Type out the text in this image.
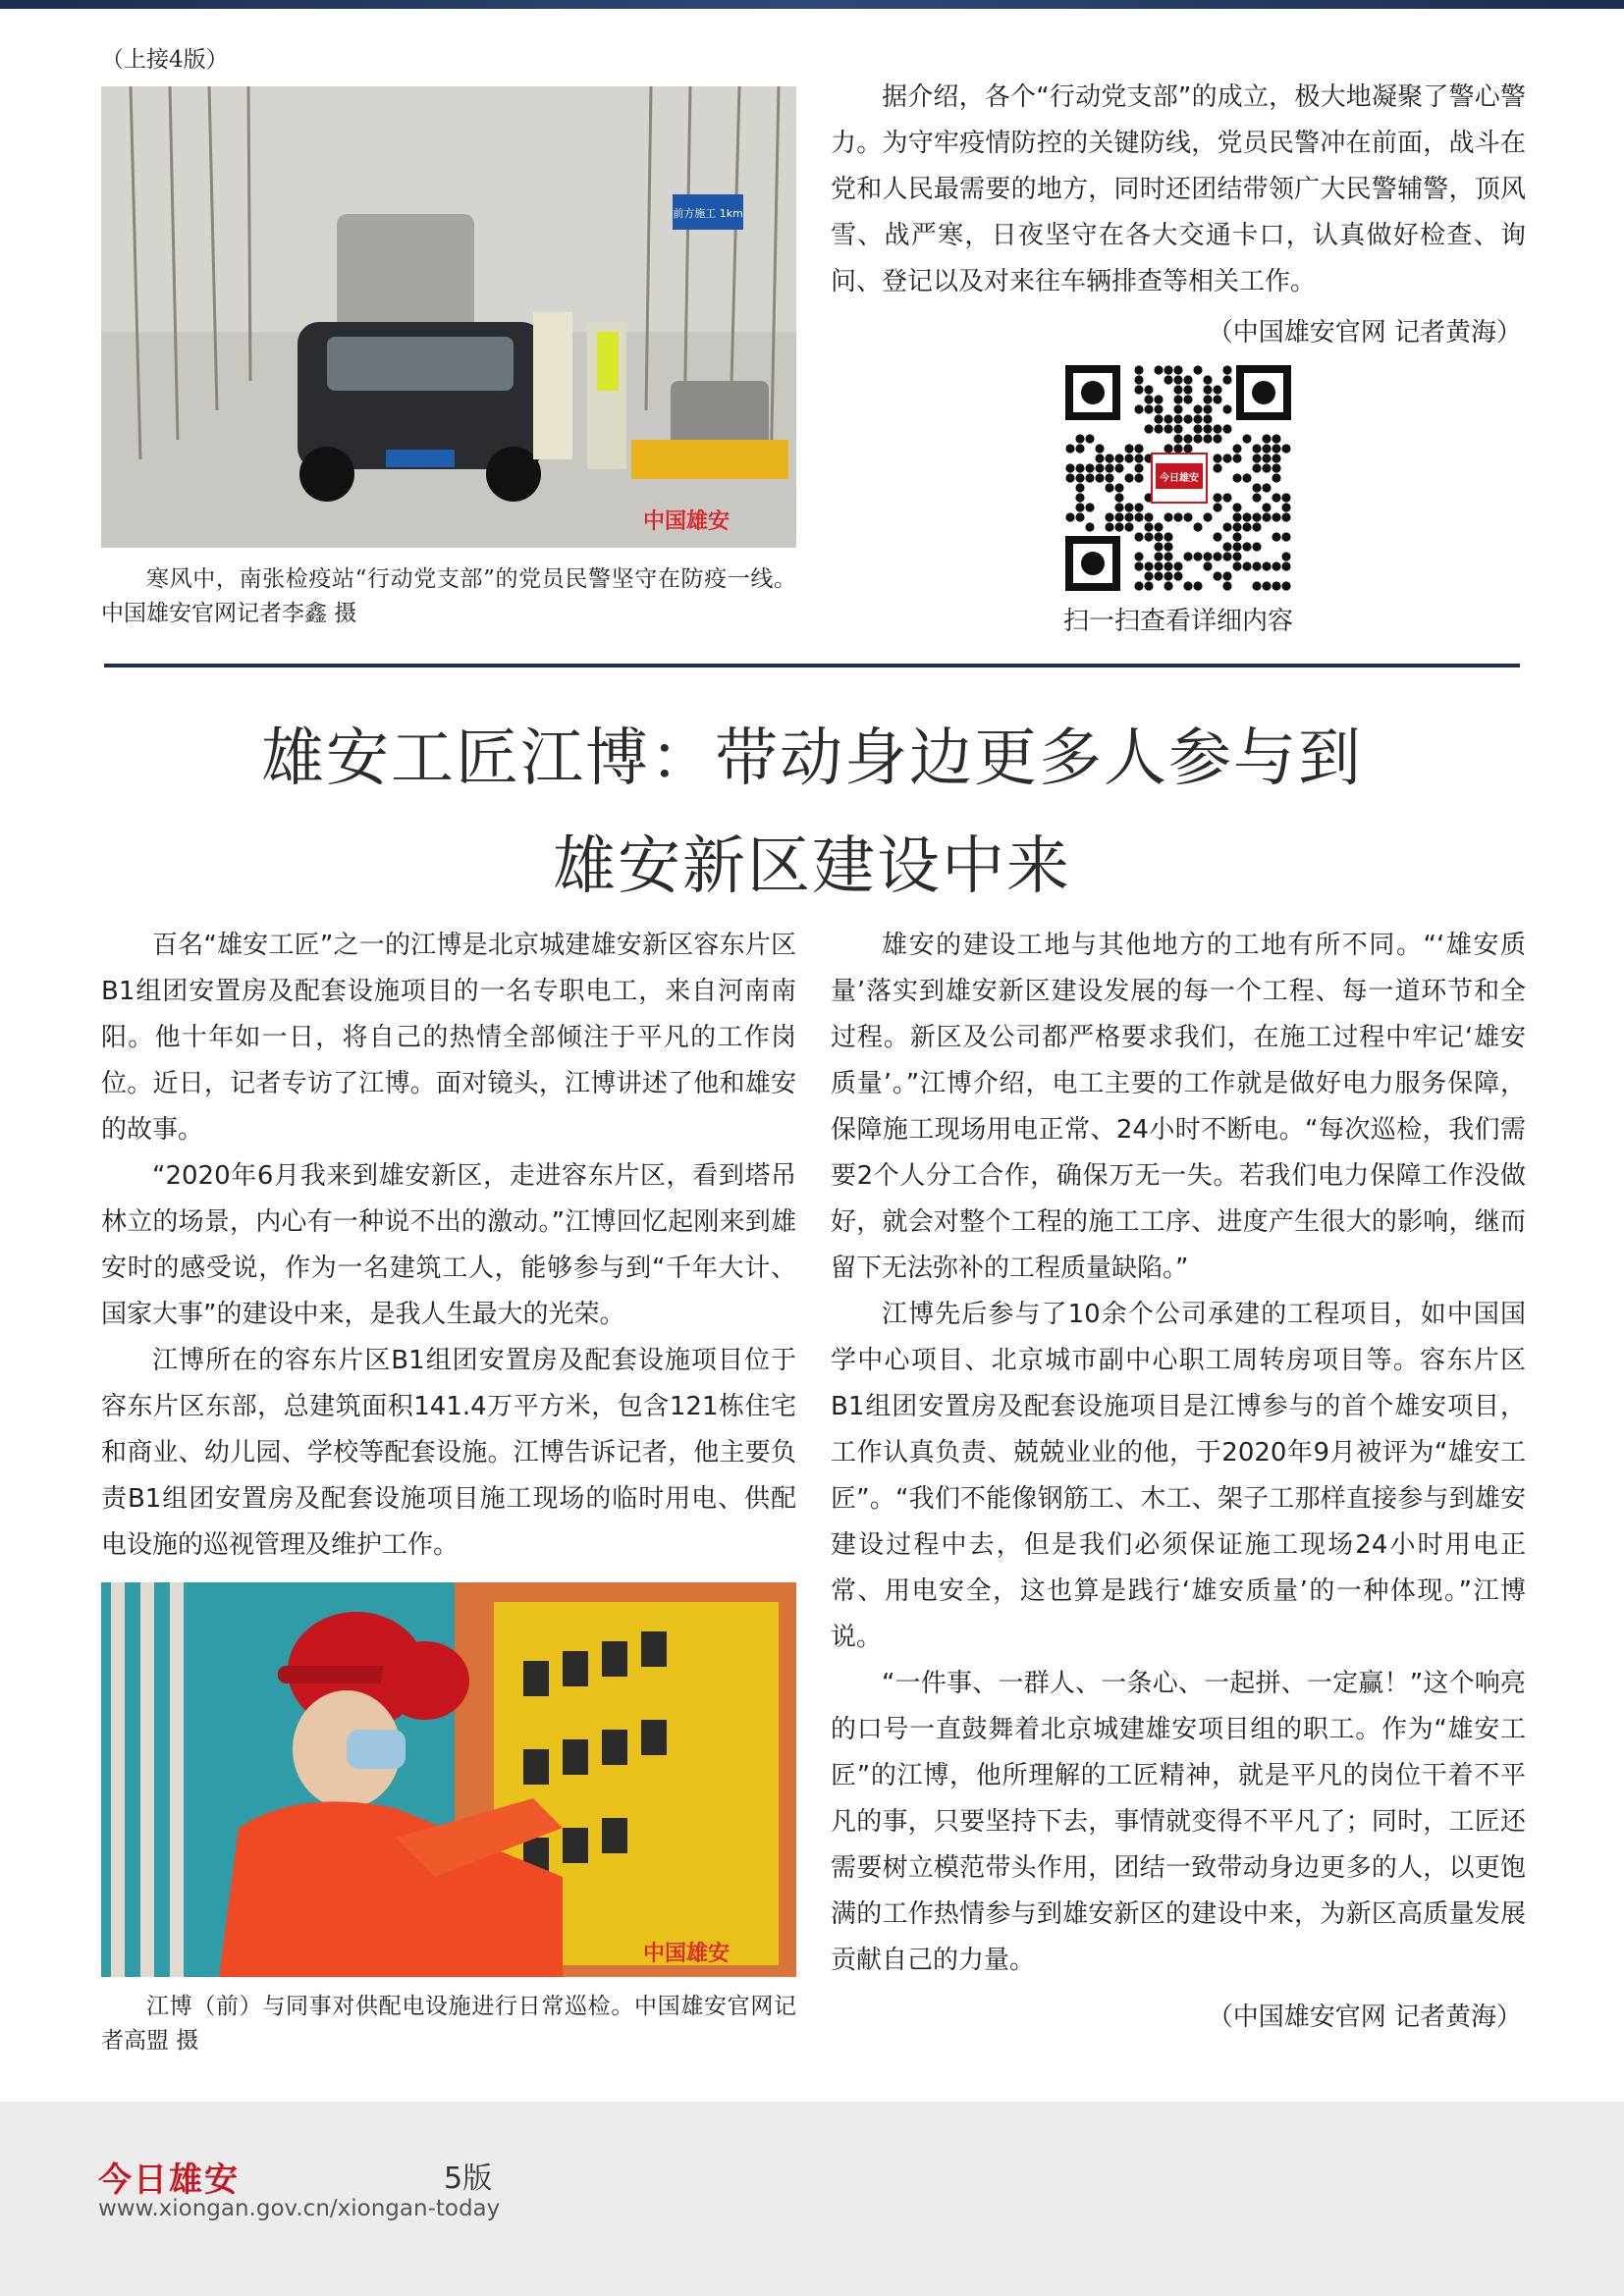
（上接4版）
前方施工 1km
中国雄安
寒风中，南张检疫站“行动党支部”的党员民警坚守在防疫一线。中国雄安官网记者李鑫 摄

据介绍，各个“行动党支部”的成立，极大地凝聚了警心警力。为守牢疫情防控的关键防线，党员民警冲在前面，战斗在党和人民最需要的地方，同时还团结带领广大民警辅警，顶风雪、战严寒，日夜坚守在各大交通卡口，认真做好检查、询问、登记以及对来往车辆排查等相关工作。

（中国雄安官网 记者黄海）
今日雄安
扫一扫查看详细内容
雄安工匠江博：带动身边更多人参与到
雄安新区建设中来

百名“雄安工匠”之一的江博是北京城建雄安新区容东片区B1组团安置房及配套设施项目的一名专职电工，来自河南南阳。他十年如一日，将自己的热情全部倾注于平凡的工作岗位。近日，记者专访了江博。面对镜头，江博讲述了他和雄安的故事。

“2020年6月我来到雄安新区，走进容东片区，看到塔吊林立的场景，内心有一种说不出的激动。”江博回忆起刚来到雄安时的感受说，作为一名建筑工人，能够参与到“千年大计、国家大事”的建设中来，是我人生最大的光荣。

江博所在的容东片区B1组团安置房及配套设施项目位于容东片区东部，总建筑面积141.4万平方米，包含121栋住宅和商业、幼儿园、学校等配套设施。江博告诉记者，他主要负责B1组团安置房及配套设施项目施工现场的临时用电、供配电设施的巡视管理及维护工作。

中国雄安
江博（前）与同事对供配电设施进行日常巡检。中国雄安官网记者高盟 摄

雄安的建设工地与其他地方的工地有所不同。“‘雄安质量’落实到雄安新区建设发展的每一个工程、每一道环节和全过程。新区及公司都严格要求我们，在施工过程中牢记‘雄安质量’。”江博介绍，电工主要的工作就是做好电力服务保障，保障施工现场用电正常、24小时不断电。“每次巡检，我们需要2个人分工合作，确保万无一失。若我们电力保障工作没做好，就会对整个工程的施工工序、进度产生很大的影响，继而留下无法弥补的工程质量缺陷。”

江博先后参与了10余个公司承建的工程项目，如中国国学中心项目、北京城市副中心职工周转房项目等。容东片区B1组团安置房及配套设施项目是江博参与的首个雄安项目，工作认真负责、兢兢业业的他，于2020年9月被评为“雄安工匠”。“我们不能像钢筋工、木工、架子工那样直接参与到雄安建设过程中去，但是我们必须保证施工现场24小时用电正常、用电安全，这也算是践行‘雄安质量’的一种体现。”江博说。

“一件事、一群人、一条心、一起拼、一定赢！”这个响亮的口号一直鼓舞着北京城建雄安项目组的职工。作为“雄安工匠”的江博，他所理解的工匠精神，就是平凡的岗位干着不平凡的事，只要坚持下去，事情就变得不平凡了；同时，工匠还需要树立模范带头作用，团结一致带动身边更多的人，以更饱满的工作热情参与到雄安新区的建设中来，为新区高质量发展贡献自己的力量。

（中国雄安官网 记者黄海）
今日雄安	5版
www.xiongan.gov.cn/xiongan-today
